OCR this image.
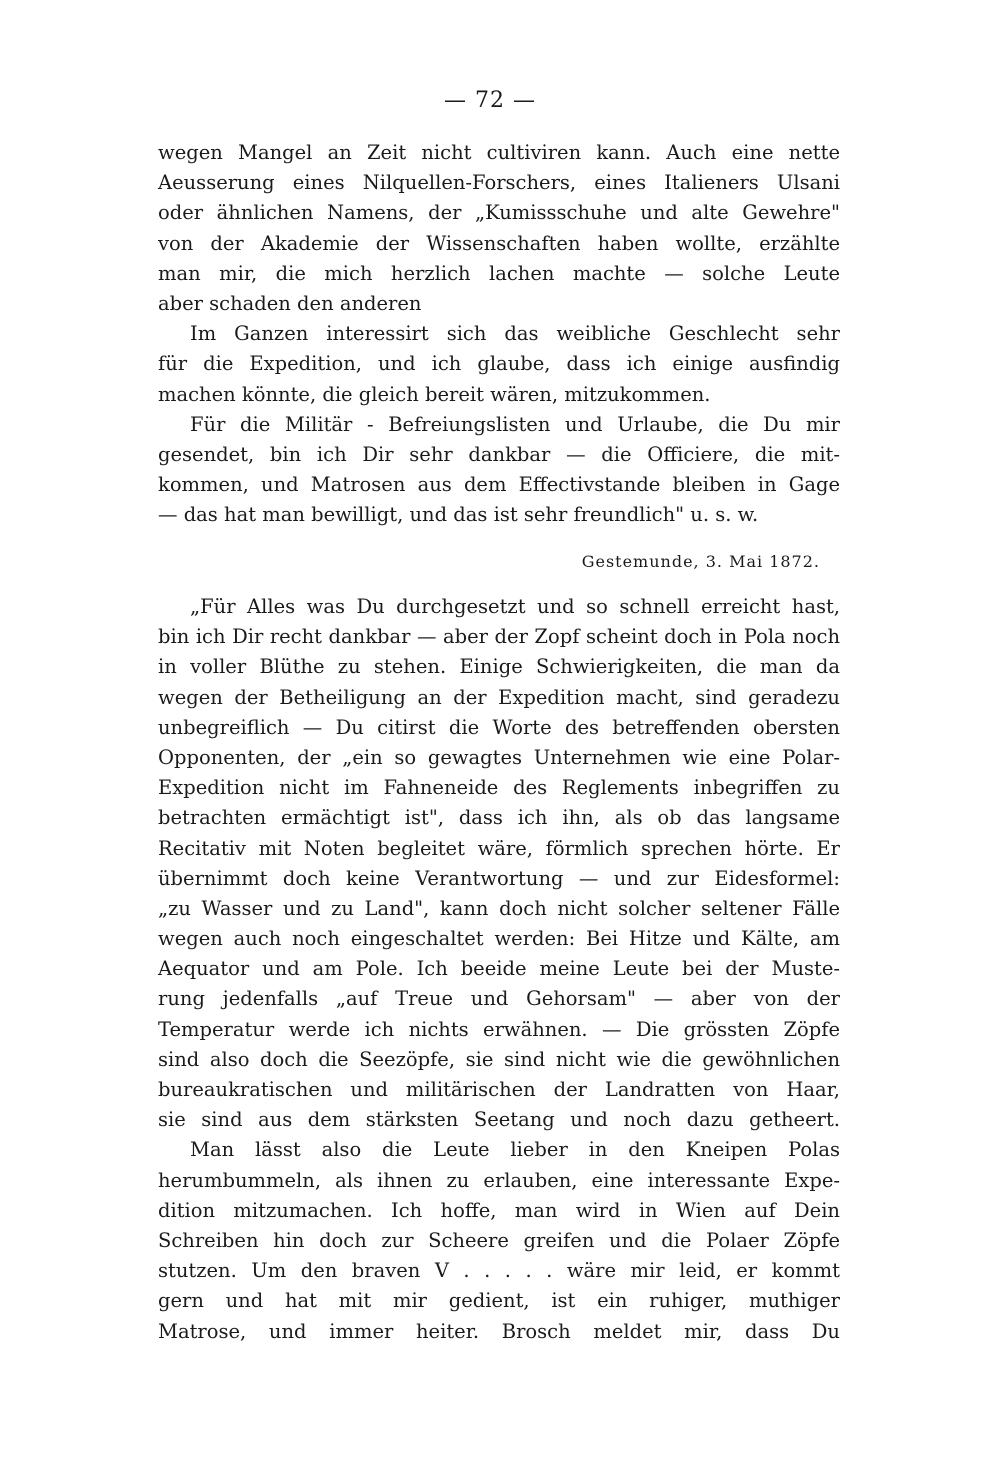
— 72 —
wegen Mangel an Zeit nicht cultiviren kann. Auch eine nette
Aeusserung eines Nilquellen-Forschers, eines Italieners Ulsani
oder ähnlichen Namens, der „Kumissschuhe und alte Gewehre"
von der Akademie der Wissenschaften haben wollte, erzählte
man mir, die mich herzlich lachen machte — solche Leute
aber schaden den anderen
Im Ganzen interessirt sich das weibliche Geschlecht sehr
für die Expedition, und ich glaube, dass ich einige ausfindig
machen könnte, die gleich bereit wären, mitzukommen.
Für die Militär - Befreiungslisten und Urlaube, die Du mir
gesendet, bin ich Dir sehr dankbar — die Officiere, die mit-
kommen, und Matrosen aus dem Effectivstande bleiben in Gage
— das hat man bewilligt, und das ist sehr freundlich" u. s. w.
Gestemunde, 3. Mai 1872.
„Für Alles was Du durchgesetzt und so schnell erreicht hast,
bin ich Dir recht dankbar — aber der Zopf scheint doch in Pola noch
in voller Blüthe zu stehen. Einige Schwierigkeiten, die man da
wegen der Betheiligung an der Expedition macht, sind geradezu
unbegreiflich — Du citirst die Worte des betreffenden obersten
Opponenten, der „ein so gewagtes Unternehmen wie eine Polar-
Expedition nicht im Fahneneide des Reglements inbegriffen zu
betrachten ermächtigt ist", dass ich ihn, als ob das langsame
Recitativ mit Noten begleitet wäre, förmlich sprechen hörte. Er
übernimmt doch keine Verantwortung — und zur Eidesformel:
„zu Wasser und zu Land", kann doch nicht solcher seltener Fälle
wegen auch noch eingeschaltet werden: Bei Hitze und Kälte, am
Aequator und am Pole. Ich beeide meine Leute bei der Muste-
rung jedenfalls „auf Treue und Gehorsam" — aber von der
Temperatur werde ich nichts erwähnen. — Die grössten Zöpfe
sind also doch die Seezöpfe, sie sind nicht wie die gewöhnlichen
bureaukratischen und militärischen der Landratten von Haar,
sie sind aus dem stärksten Seetang und noch dazu getheert.
Man lässt also die Leute lieber in den Kneipen Polas
herumbummeln, als ihnen zu erlauben, eine interessante Expe-
dition mitzumachen. Ich hoffe, man wird in Wien auf Dein
Schreiben hin doch zur Scheere greifen und die Polaer Zöpfe
stutzen. Um den braven V . . . . . wäre mir leid, er kommt
gern und hat mit mir gedient, ist ein ruhiger, muthiger
Matrose, und immer heiter. Brosch meldet mir, dass Du
